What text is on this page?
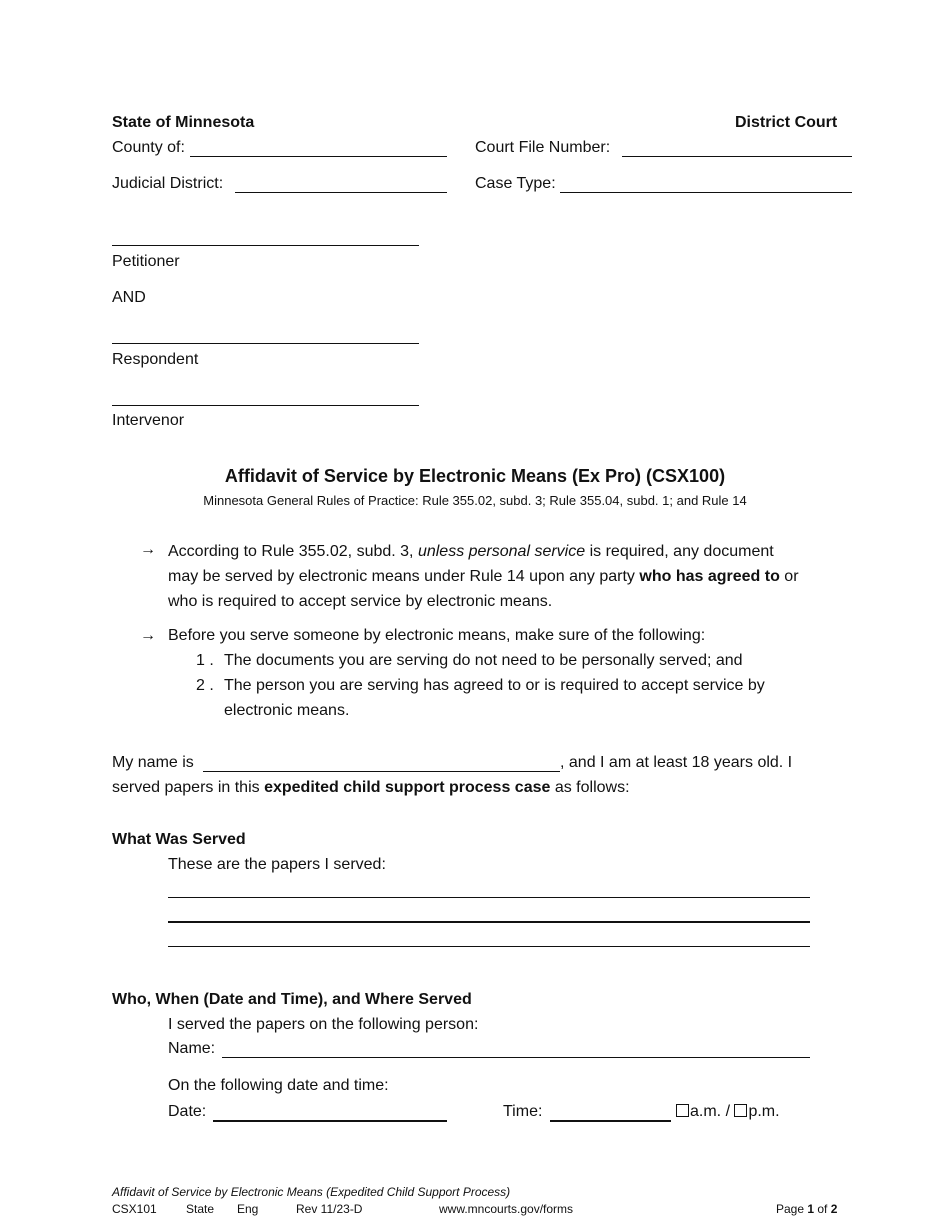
State of Minnesota	District Court
County of:	Court File Number:
Judicial District:	Case Type:
Petitioner
AND
Respondent
Intervenor
Affidavit of Service by Electronic Means (Ex Pro) (CSX100)
Minnesota General Rules of Practice: Rule 355.02, subd. 3; Rule 355.04, subd. 1; and Rule 14
→ According to Rule 355.02, subd. 3, unless personal service is required, any document
may be served by electronic means under Rule 14 upon any party who has agreed to or
who is required to accept service by electronic means.
→ Before you serve someone by electronic means, make sure of the following:
1 . The documents you are serving do not need to be personally served; and
2 . The person you are serving has agreed to or is required to accept service by
electronic means.
My name is	, and I am at least 18 years old. I
served papers in this expedited child support process case as follows:
What Was Served
These are the papers I served:
Who, When (Date and Time), and Where Served
I served the papers on the following person:
Name:
On the following date and time:
Date:	Time:	a.m. / p.m.
Affidavit of Service by Electronic Means (Expedited Child Support Process)
CSX101 State Eng	Rev 11/23-D	www.mncourts.gov/forms	Page 1 of 2
